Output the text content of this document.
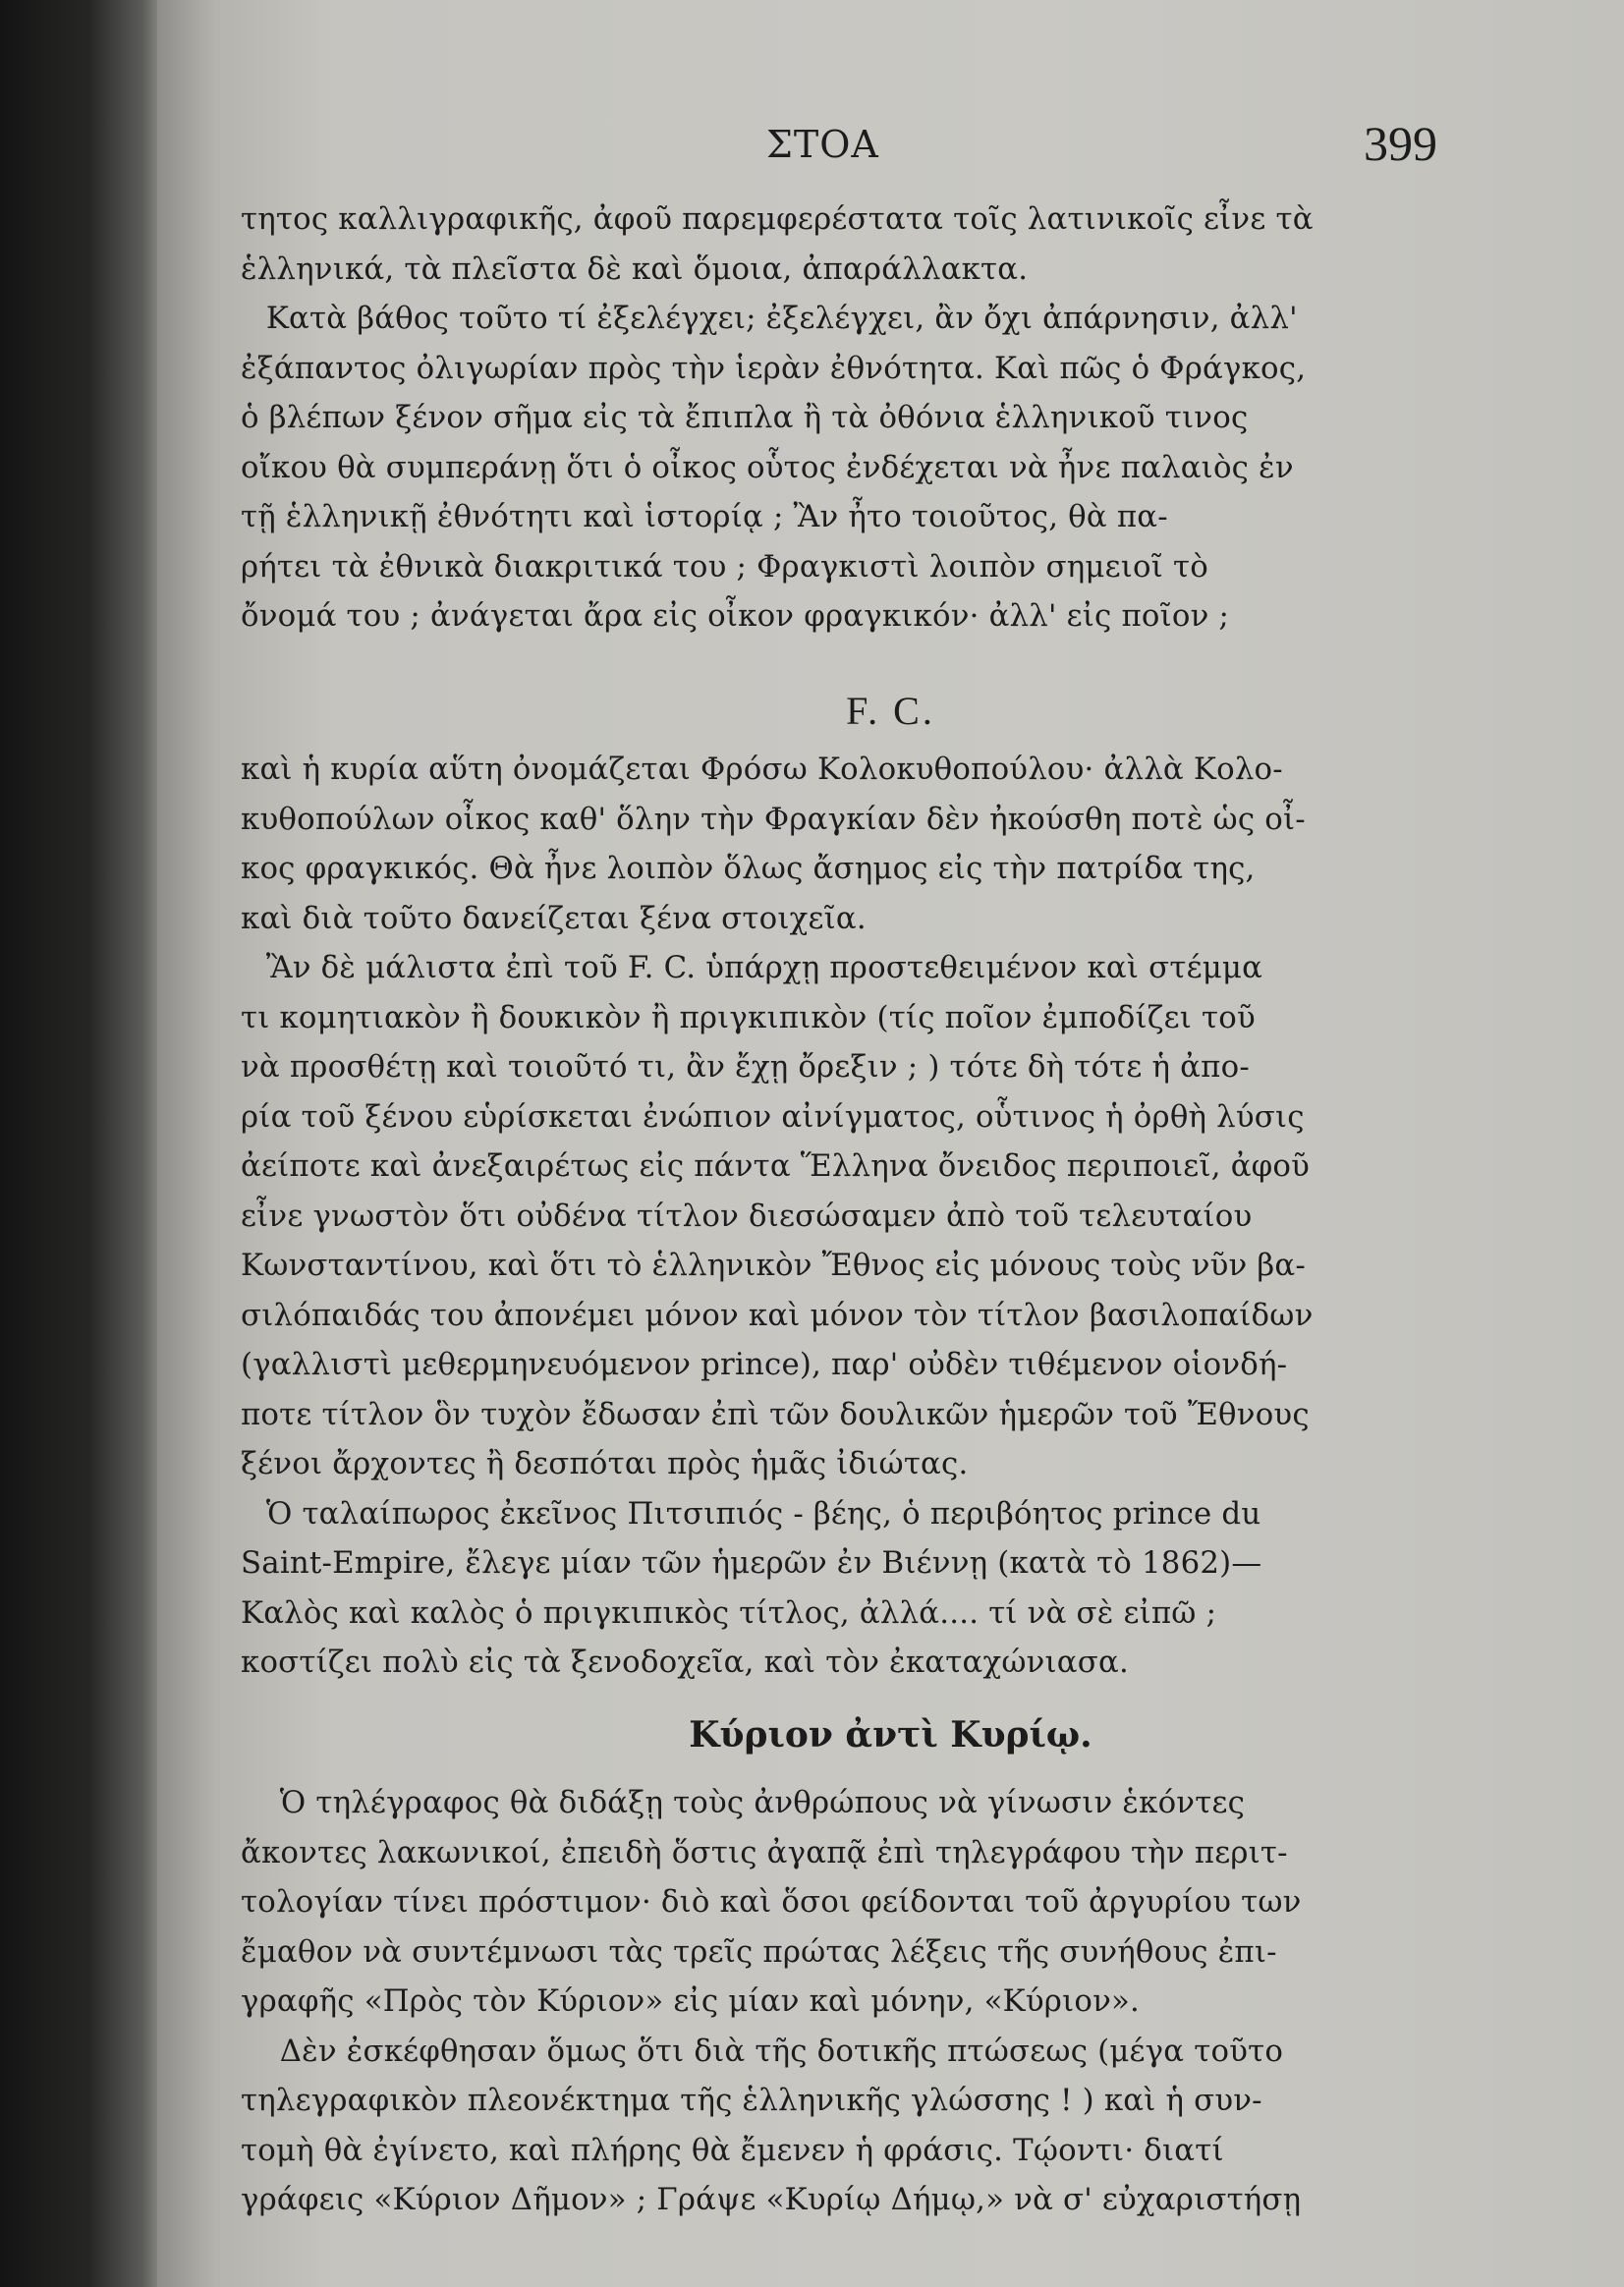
ΣΤΟΑ	399
τητος καλλιγραφικῆς, ἀφοῦ παρεμφερέστατα τοῖς λατινικοῖς εἶνε τὰ
ἑλληνικά, τὰ πλεῖστα δὲ καὶ ὅμοια, ἀπαράλλακτα.
Κατὰ βάθος τοῦτο τί ἐξελέγχει; ἐξελέγχει, ἂν ὄχι ἀπάρνησιν, ἀλλ'
ἐξάπαντος ὀλιγωρίαν πρὸς τὴν ἱερὰν ἐθνότητα. Καὶ πῶς ὁ Φράγκος,
ὁ βλέπων ξένον σῆμα εἰς τὰ ἔπιπλα ἢ τὰ ὀθόνια ἑλληνικοῦ τινος
οἴκου θὰ συμπεράνῃ ὅτι ὁ οἶκος οὗτος ἐνδέχεται νὰ ἦνε παλαιὸς ἐν
τῇ ἑλληνικῇ ἐθνότητι καὶ ἱστορίᾳ ; Ἂν ἦτο τοιοῦτος, θὰ πα-
ρήτει τὰ ἐθνικὰ διακριτικά του ; Φραγκιστὶ λοιπὸν σημειοῖ τὸ
ὄνομά του ; ἀνάγεται ἄρα εἰς οἶκον φραγκικόν· ἀλλ' εἰς ποῖον ;
F. C.
καὶ ἡ κυρία αὕτη ὀνομάζεται Φρόσω Κολοκυθοπούλου· ἀλλὰ Κολο-
κυθοπούλων οἶκος καθ' ὅλην τὴν Φραγκίαν δὲν ἠκούσθη ποτὲ ὡς οἶ-
κος φραγκικός. Θὰ ἦνε λοιπὸν ὅλως ἄσημος εἰς τὴν πατρίδα της,
καὶ διὰ τοῦτο δανείζεται ξένα στοιχεῖα.
Ἂν δὲ μάλιστα ἐπὶ τοῦ F. C. ὑπάρχῃ προστεθειμένον καὶ στέμμα
τι κομητιακὸν ἢ δουκικὸν ἢ πριγκιπικὸν (τίς ποῖον ἐμποδίζει τοῦ
νὰ προσθέτῃ καὶ τοιοῦτό τι, ἂν ἔχῃ ὄρεξιν ; ) τότε δὴ τότε ἡ ἀπο-
ρία τοῦ ξένου εὑρίσκεται ἐνώπιον αἰνίγματος, οὗτινος ἡ ὀρθὴ λύσις
ἀείποτε καὶ ἀνεξαιρέτως εἰς πάντα Ἕλληνα ὄνειδος περιποιεῖ, ἀφοῦ
εἶνε γνωστὸν ὅτι οὐδένα τίτλον διεσώσαμεν ἀπὸ τοῦ τελευταίου
Κωνσταντίνου, καὶ ὅτι τὸ ἑλληνικὸν Ἔθνος εἰς μόνους τοὺς νῦν βα-
σιλόπαιδάς του ἀπονέμει μόνον καὶ μόνον τὸν τίτλον βασιλοπαίδων
(γαλλιστὶ μεθερμηνευόμενον prince), παρ' οὐδὲν τιθέμενον οἱονδή-
ποτε τίτλον ὃν τυχὸν ἔδωσαν ἐπὶ τῶν δουλικῶν ἡμερῶν τοῦ Ἔθνους
ξένοι ἄρχοντες ἢ δεσπόται πρὸς ἡμᾶς ἰδιώτας.
Ὁ ταλαίπωρος ἐκεῖνος Πιτσιπιός - βέης, ὁ περιβόητος prince du
Saint-Empire, ἔλεγε μίαν τῶν ἡμερῶν ἐν Βιέννῃ (κατὰ τὸ 1862)—
Καλὸς καὶ καλὸς ὁ πριγκιπικὸς τίτλος, ἀλλά.... τί νὰ σὲ εἰπῶ ;
κοστίζει πολὺ εἰς τὰ ξενοδοχεῖα, καὶ τὸν ἐκαταχώνιασα.
Κύριον ἀντὶ Κυρίῳ.
Ὁ τηλέγραφος θὰ διδάξῃ τοὺς ἀνθρώπους νὰ γίνωσιν ἑκόντες
ἄκοντες λακωνικοί, ἐπειδὴ ὅστις ἀγαπᾷ ἐπὶ τηλεγράφου τὴν περιτ-
τολογίαν τίνει πρόστιμον· διὸ καὶ ὅσοι φείδονται τοῦ ἀργυρίου των
ἔμαθον νὰ συντέμνωσι τὰς τρεῖς πρώτας λέξεις τῆς συνήθους ἐπι-
γραφῆς «Πρὸς τὸν Κύριον» εἰς μίαν καὶ μόνην, «Κύριον».
Δὲν ἐσκέφθησαν ὅμως ὅτι διὰ τῆς δοτικῆς πτώσεως (μέγα τοῦτο
τηλεγραφικὸν πλεονέκτημα τῆς ἑλληνικῆς γλώσσης ! ) καὶ ἡ συν-
τομὴ θὰ ἐγίνετο, καὶ πλήρης θὰ ἔμενεν ἡ φράσις. Τῴοντι· διατί
γράφεις «Κύριον Δῆμον» ; Γράψε «Κυρίῳ Δήμῳ,» νὰ σ' εὐχαριστήσῃ
